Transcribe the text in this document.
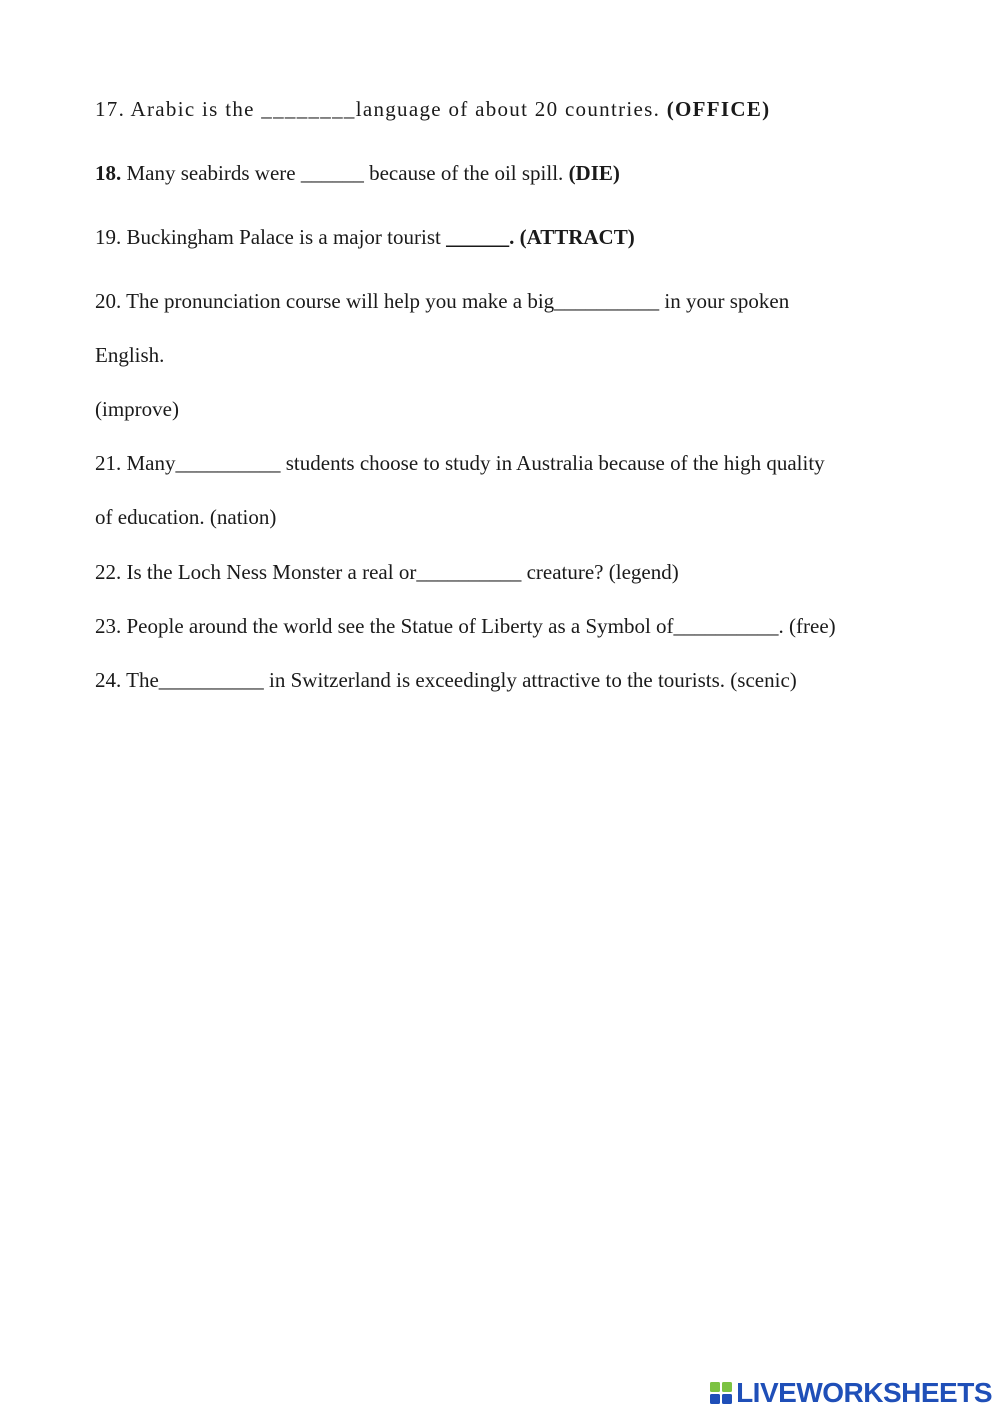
17. Arabic is the ________language of about 20 countries. (OFFICE)
18. Many seabirds were ______ because of the oil spill. (DIE)
19. Buckingham Palace is a major tourist ______. (ATTRACT)
20. The pronunciation course will help you make a big__________ in your spoken
English.
(improve)
21. Many__________ students choose to study in Australia because of the high quality
of education. (nation)
22. Is the Loch Ness Monster a real or__________ creature? (legend)
23. People around the world see the Statue of Liberty as a Symbol of__________. (free)
24. The__________ in Switzerland is exceedingly attractive to the tourists. (scenic)
LIVEWORKSHEETS
